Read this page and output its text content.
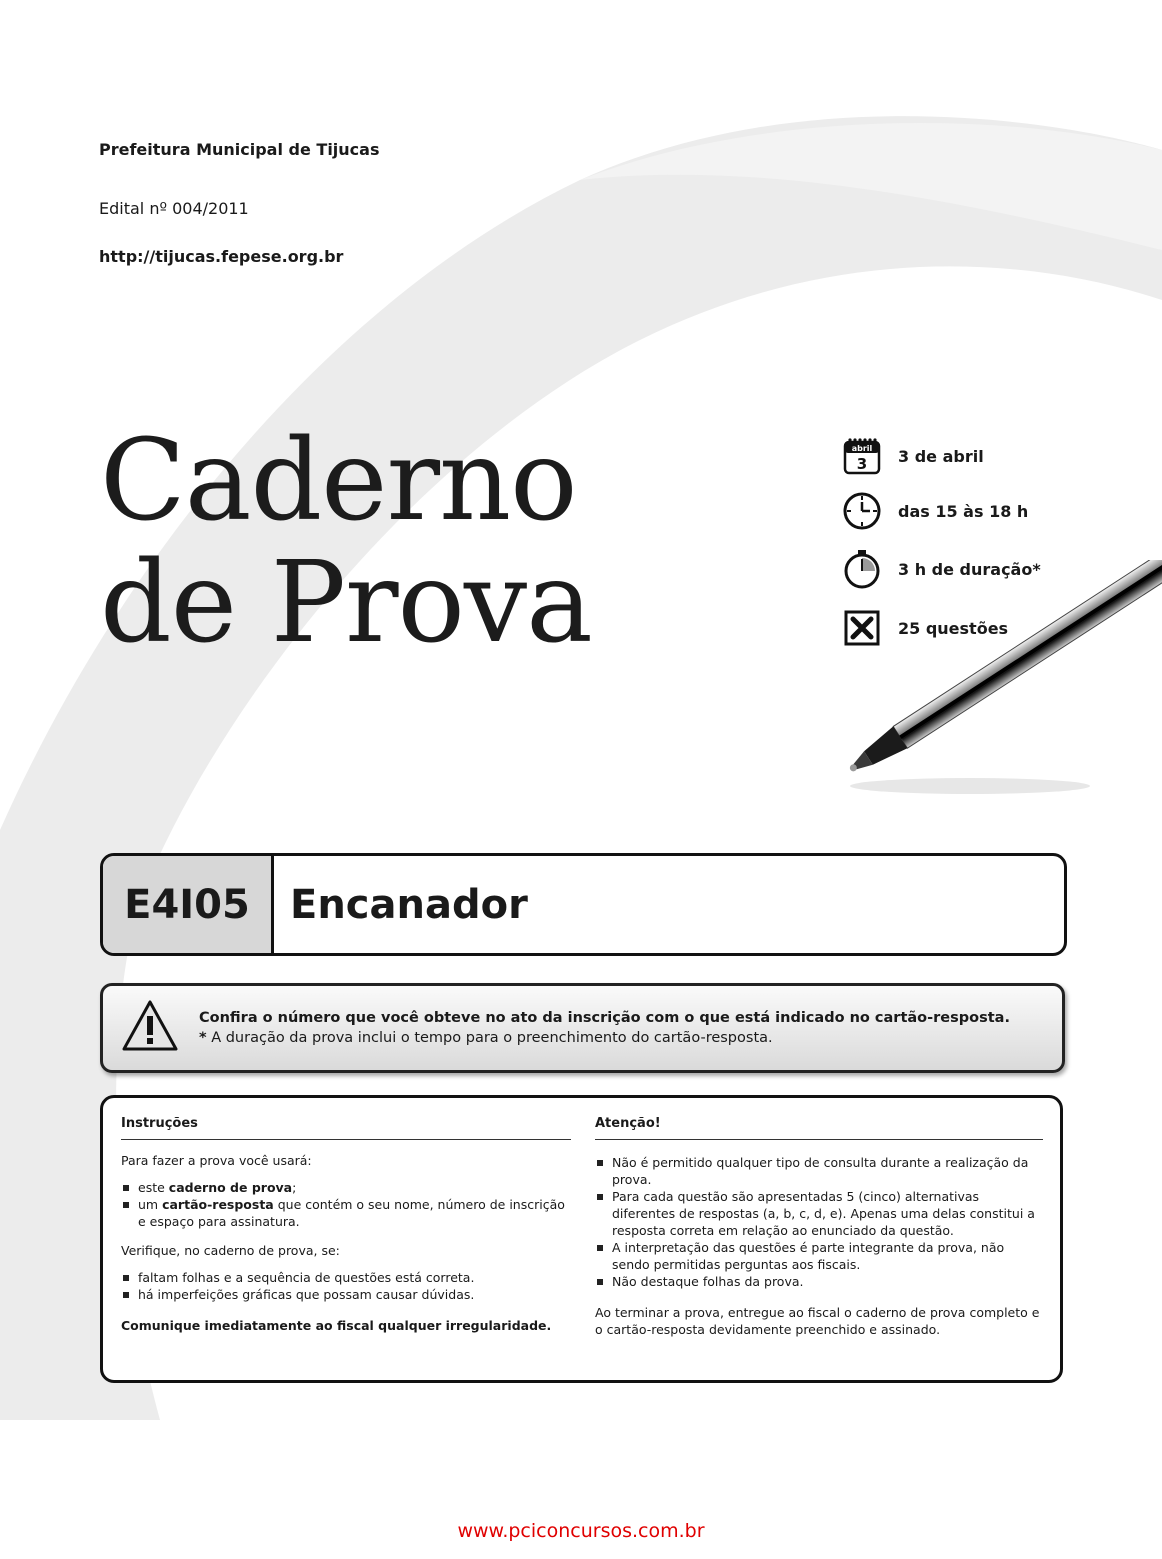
Prefeitura Municipal de Tijucas
Edital nº 004/2011
http://tijucas.fepese.org.br
Caderno
de Prova
abril
3 3 de abril
das 15 às 18 h
3 h de duração*
25 questões
E4I05	Encanador
Confira o número que você obteve no ato da inscrição com o que está indicado no cartão-resposta.
* A duração da prova inclui o tempo para o preenchimento do cartão-resposta.
Instruções

Para fazer a prova você usará:

este caderno de prova;
um cartão-resposta que contém o seu nome, número de inscrição e espaço para assinatura.

Verifique, no caderno de prova, se:

faltam folhas e a sequência de questões está correta.
há imperfeições gráficas que possam causar dúvidas.

Comunique imediatamente ao fiscal qualquer irregularidade.

Atenção!
Não é permitido qualquer tipo de consulta durante a realização da prova.
Para cada questão são apresentadas 5 (cinco) alternativas diferentes de respostas (a, b, c, d, e). Apenas uma delas constitui a resposta correta em relação ao enunciado da questão.
A interpretação das questões é parte integrante da prova, não sendo permitidas perguntas aos fiscais.
Não destaque folhas da prova.

Ao terminar a prova, entregue ao fiscal o caderno de prova completo e o cartão-resposta devidamente preenchido e assinado.

www.pciconcursos.com.br
